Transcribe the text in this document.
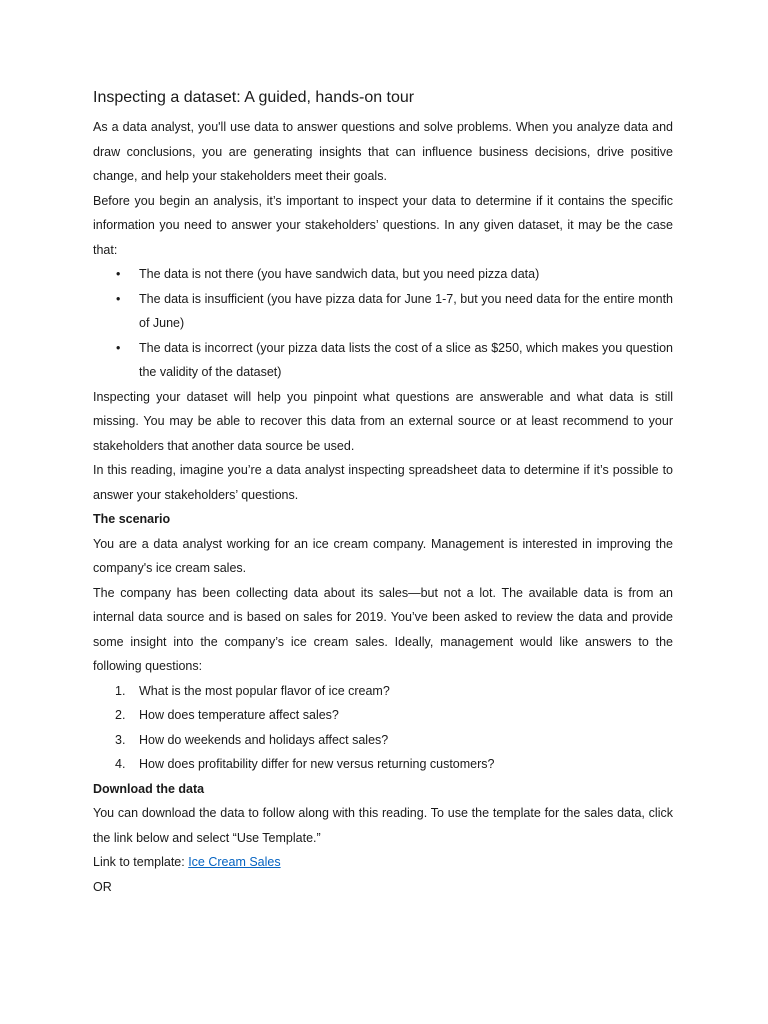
Inspecting a dataset: A guided, hands-on tour

As a data analyst, you'll use data to answer questions and solve problems. When you analyze data and draw conclusions, you are generating insights that can influence business decisions, drive positive change, and help your stakeholders meet their goals.

Before you begin an analysis, it’s important to inspect your data to determine if it contains the specific information you need to answer your stakeholders’ questions. In any given dataset, it may be the case that:

• The data is not there (you have sandwich data, but you need pizza data)
• The data is insufficient (you have pizza data for June 1-7, but you need data for the entire month of June)
• The data is incorrect (your pizza data lists the cost of a slice as $250, which makes you question the validity of the dataset)

Inspecting your dataset will help you pinpoint what questions are answerable and what data is still missing. You may be able to recover this data from an external source or at least recommend to your stakeholders that another data source be used.

In this reading, imagine you’re a data analyst inspecting spreadsheet data to determine if it’s possible to answer your stakeholders’ questions.

The scenario

You are a data analyst working for an ice cream company. Management is interested in improving the company's ice cream sales.

The company has been collecting data about its sales—but not a lot. The available data is from an internal data source and is based on sales for 2019. You’ve been asked to review the data and provide some insight into the company’s ice cream sales. Ideally, management would like answers to the following questions:

1. What is the most popular flavor of ice cream?
2. How does temperature affect sales?
3. How do weekends and holidays affect sales?
4. How does profitability differ for new versus returning customers?

Download the data

You can download the data to follow along with this reading. To use the template for the sales data, click the link below and select “Use Template.”

Link to template: Ice Cream Sales

OR
